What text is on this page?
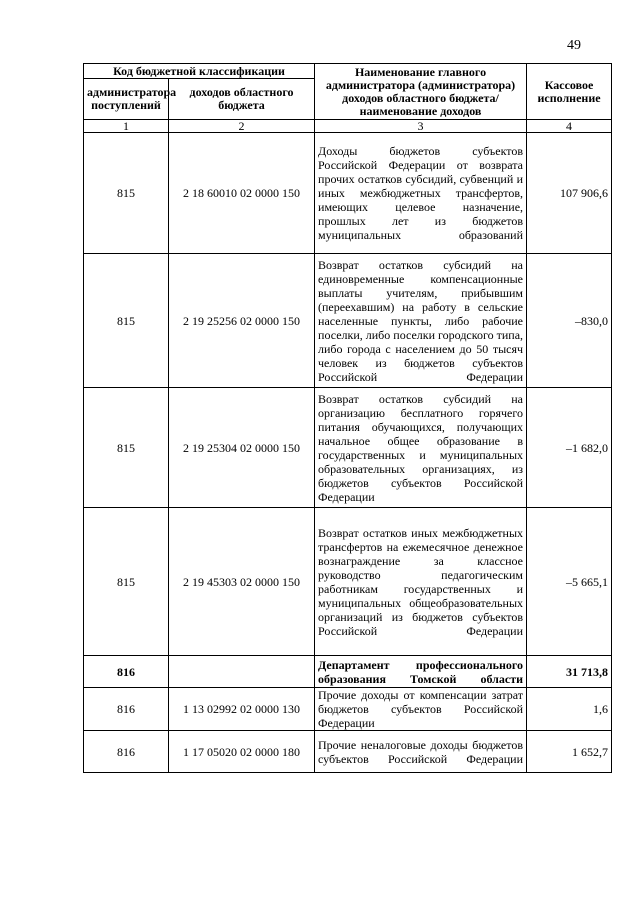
49
Код бюджетной классификации		Наименование главного администратора (администратора) доходов областного бюджета/ наименование доходов	Кассовое исполнение
администратора поступлений	доходов областного бюджета		
1	2	3	4
815	2 18 60010 02 0000 150	Доходы бюджетов субъектов Российской Федерации от возврата прочих остатков субсидий, субвенций и иных межбюджетных трансфертов, имеющих целевое назначение, прошлых лет из бюджетов муниципальных образований	107 906,6
815	2 19 25256 02 0000 150	Возврат остатков субсидий на единовременные компенсационные выплаты учителям, прибывшим (переехавшим) на работу в сельские населенные пункты, либо рабочие поселки, либо поселки городского типа, либо города с населением до 50 тысяч человек из бюджетов субъектов Российской Федерации	–830,0
815	2 19 25304 02 0000 150	Возврат остатков субсидий на организацию бесплатного горячего питания обучающихся, получающих начальное общее образование в государственных и муниципальных образовательных организациях, из бюджетов субъектов Российской Федерации	–1 682,0
815	2 19 45303 02 0000 150	Возврат остатков иных межбюджетных трансфертов на ежемесячное денежное вознаграждение за классное руководство педагогическим работникам государственных и муниципальных общеобразовательных организаций из бюджетов субъектов Российской Федерации	–5 665,1
816		Департамент профессионального образования Томской области	31 713,8
816	1 13 02992 02 0000 130	Прочие доходы от компенсации затрат бюджетов субъектов Российской Федерации	1,6
816	1 17 05020 02 0000 180	Прочие неналоговые доходы бюджетов субъектов Российской Федерации	1 652,7
